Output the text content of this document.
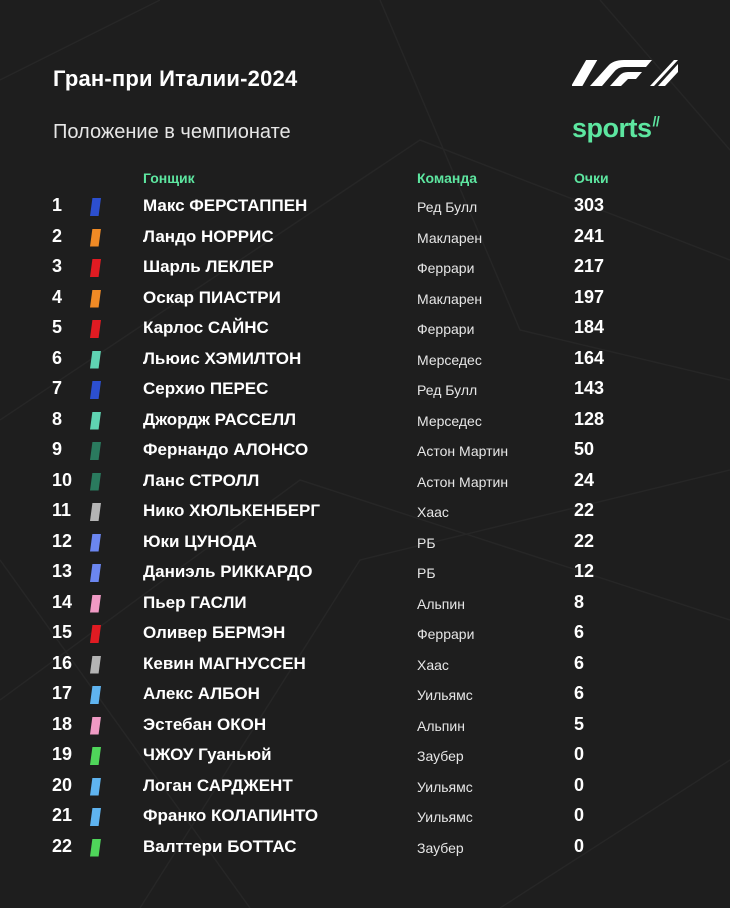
Гран-при Италии-2024
Положение в чемпионате	sports//
Гонщик	Команда	Очки
1	Макс ФЕРСТАППЕН	Ред Булл	303
2	Ландо НОРРИС	Макларен	241
3	Шарль ЛЕКЛЕР	Феррари	217
4	Оскар ПИАСТРИ	Макларен	197
5	Карлос САЙНС	Феррари	184
6	Льюис ХЭМИЛТОН	Мерседес	164
7	Серхио ПЕРЕС	Ред Булл	143
8	Джордж РАССЕЛЛ	Мерседес	128
9	Фернандо АЛОНСО	Астон Мартин	50
10	Ланс СТРОЛЛ	Астон Мартин	24
11	Нико ХЮЛЬКЕНБЕРГ	Хаас	22
12	Юки ЦУНОДА	РБ	22
13	Даниэль РИККАРДО	РБ	12
14	Пьер ГАСЛИ	Альпин	8
15	Оливер БЕРМЭН	Феррари	6
16	Кевин МАГНУССЕН	Хаас	6
17	Алекс АЛБОН	Уильямс	6
18	Эстебан ОКОН	Альпин	5
19	ЧЖОУ Гуаньюй	Заубер	0
20	Логан САРДЖЕНТ	Уильямс	0
21	Франко КОЛАПИНТО	Уильямс	0
22	Валттери БОТТАС	Заубер	0
